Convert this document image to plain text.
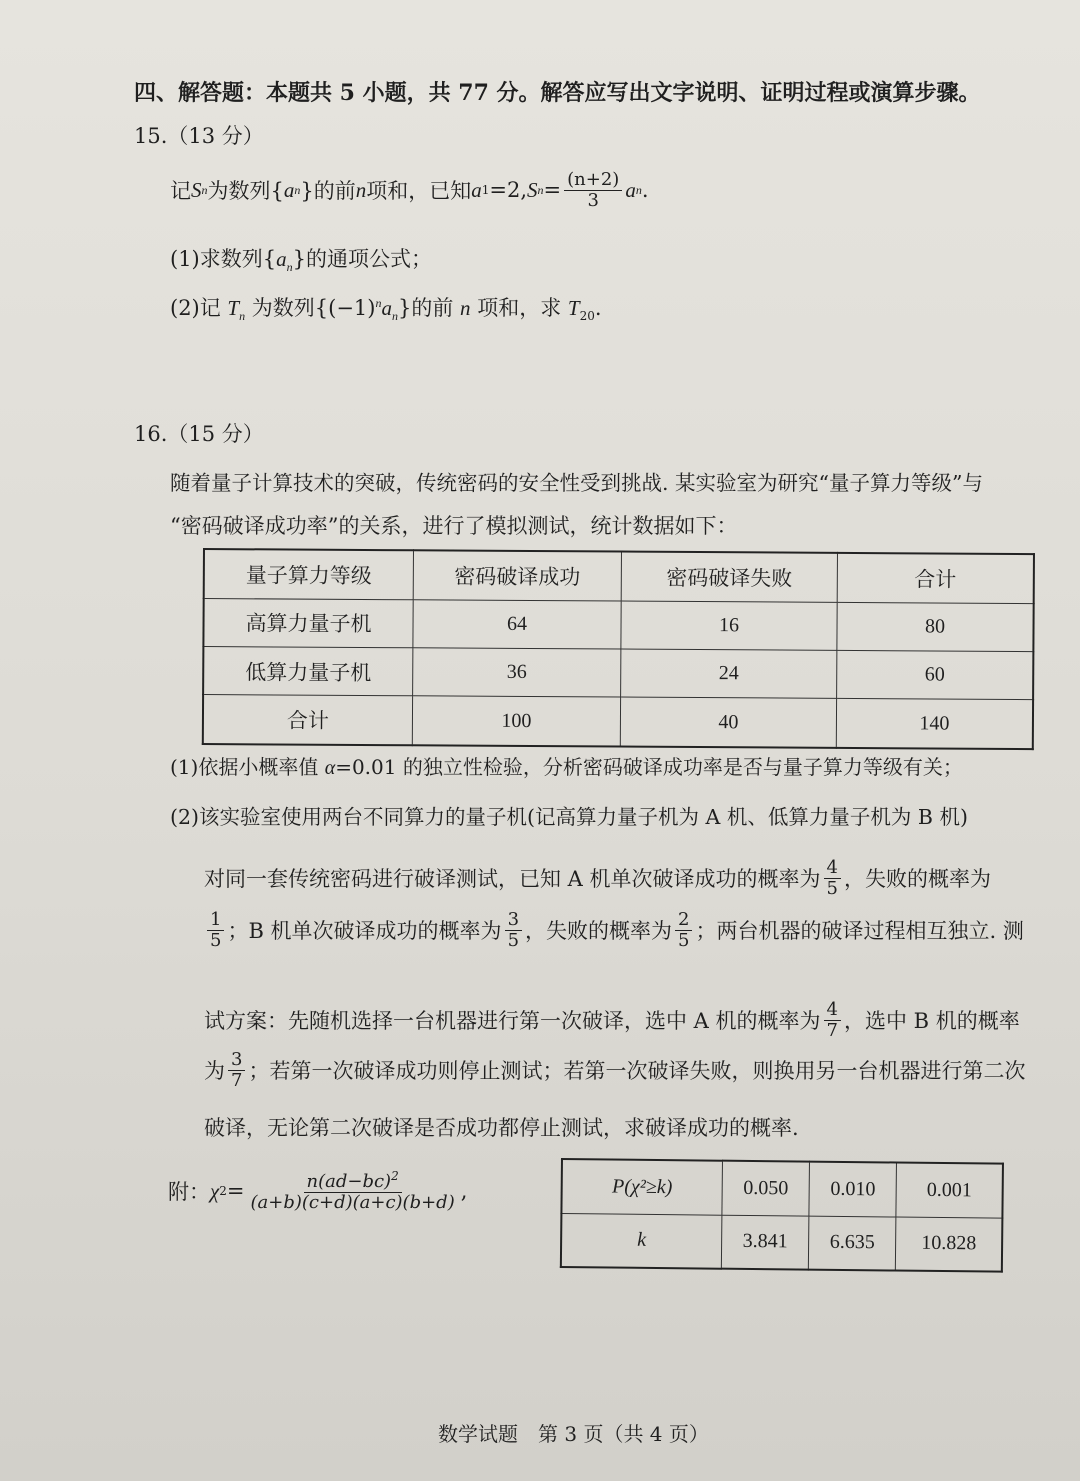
四、解答题：本题共 5 小题，共 77 分。解答应写出文字说明、证明过程或演算步骤。
15.（13 分）
记 S n 为数列{ a n }的前 n 项和，已知 a 1 =2, S $n = \frac{(n+2)}{3}$ a n .
(1)求数列$\{a_n\}$的通项公式；
(2)记 $T_n$ 为数列$\{(-1)^na_n\}$的前 n 项和，求 $T_{20}$.
16.（15 分）
随着量子计算技术的突破，传统密码的安全性受到挑战. 某实验室为研究“量子算力等级”与
“密码破译成功率”的关系，进行了模拟测试，统计数据如下：
量子算力等级	密码破译成功	密码破译失败	合计
高算力量子机	64	16	80
低算力量子机	36	24	60
合计	100	40	140
(1)依据小概率值 α=0.01 的独立性检验，分析密码破译成功率是否与量子算力等级有关；
(2)该实验室使用两台不同算力的量子机(记高算力量子机为 A 机、低算力量子机为 B 机)
对同一套传统密码进行破译测试，已知 A 机单次破译成功的概率为 $\frac{4}{5}$ ，失败的概率为
$\frac{1}{5}$ ；B 机单次破译成功的概率为 $\frac{3}{5}$ ，失败的概率为 $\frac{2}{5}$ ；两台机器的破译过程相互独立. 测
试方案：先随机选择一台机器进行第一次破译，选中 A 机的概率为 $\frac{4}{7}$ ，选中 B 机的概率
为 $\frac{3}{7}$ ；若第一次破译成功则停止测试；若第一次破译失败，则换用另一台机器进行第二次
破译，无论第二次破译是否成功都停止测试，求破译成功的概率.
附： χ $2 = \frac{n(ad-bc)^2}{(a+b)(c+d)(a+c)(b+d)}$ ,	P(χ²≥k)	0.050	0.010	0.001
k	3.841	6.635	10.828
数学试题　第 3 页（共 4 页）
